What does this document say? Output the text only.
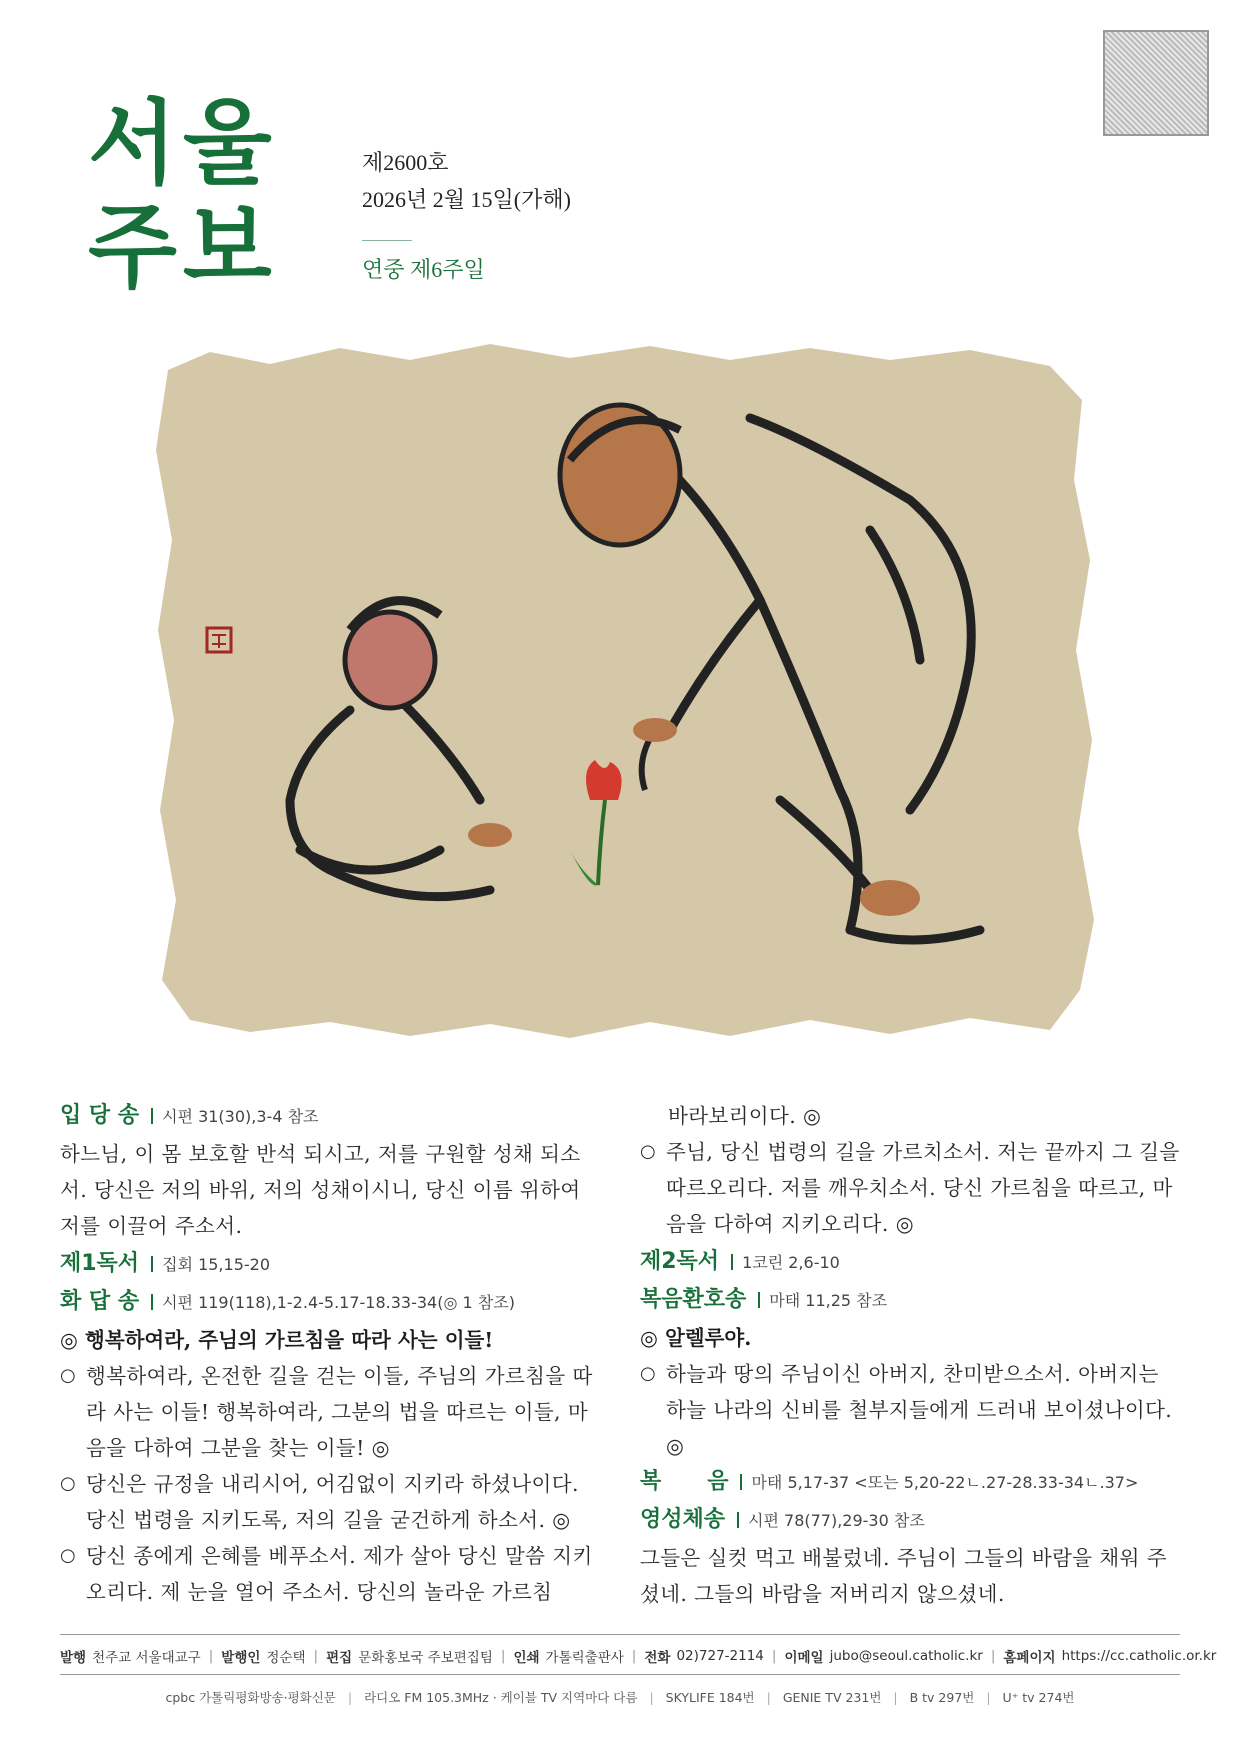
서울
주보
제2600호
2026년 2월 15일(가해)
연중 제6주일
입 당 송 시편 31(30),3-4 참조
하느님, 이 몸 보호할 반석 되시고, 저를 구원할 성채 되소서. 당신은 저의 바위, 저의 성채이시니, 당신 이름 위하여 저를 이끌어 주소서.
제1독서 집회 15,15-20
화 답 송 시편 119(118),1-2.4-5.17-18.33-34(◎ 1 참조)
◎ 행복하여라, 주님의 가르침을 따라 사는 이들!
○ 행복하여라, 온전한 길을 걷는 이들, 주님의 가르침을 따라 사는 이들! 행복하여라, 그분의 법을 따르는 이들, 마음을 다하여 그분을 찾는 이들! ◎
○ 당신은 규정을 내리시어, 어김없이 지키라 하셨나이다. 당신 법령을 지키도록, 저의 길을 굳건하게 하소서. ◎
○ 당신 종에게 은혜를 베푸소서. 제가 살아 당신 말씀 지키오리다. 제 눈을 열어 주소서. 당신의 놀라운 가르침
바라보리이다. ◎
○ 주님, 당신 법령의 길을 가르치소서. 저는 끝까지 그 길을 따르오리다. 저를 깨우치소서. 당신 가르침을 따르고, 마음을 다하여 지키오리다. ◎
제2독서 1코린 2,6-10
복음환호송 마태 11,25 참조
◎ 알렐루야.
○ 하늘과 땅의 주님이신 아버지, 찬미받으소서. 아버지는 하늘 나라의 신비를 철부지들에게 드러내 보이셨나이다. ◎
복      음 마태 5,17-37 <또는 5,20-22ㄴ.27-28.33-34ㄴ.37>
영성체송 시편 78(77),29-30 참조
그들은 실컷 먹고 배불렀네. 주님이 그들의 바람을 채워 주셨네. 그들의 바람을 저버리지 않으셨네.
발행 천주교 서울대교구 | 발행인 정순택 | 편집 문화홍보국 주보편집팀 | 인쇄 가톨릭출판사 | 전화 02)727-2114 | 이메일 jubo@seoul.catholic.kr | 홈페이지 https://cc.catholic.or.kr
cpbc 가톨릭평화방송·평화신문 | 라디오 FM 105.3MHz · 케이블 TV 지역마다 다름 | SKYLIFE 184번 | GENIE TV 231번 | B tv 297번 | U⁺ tv 274번
